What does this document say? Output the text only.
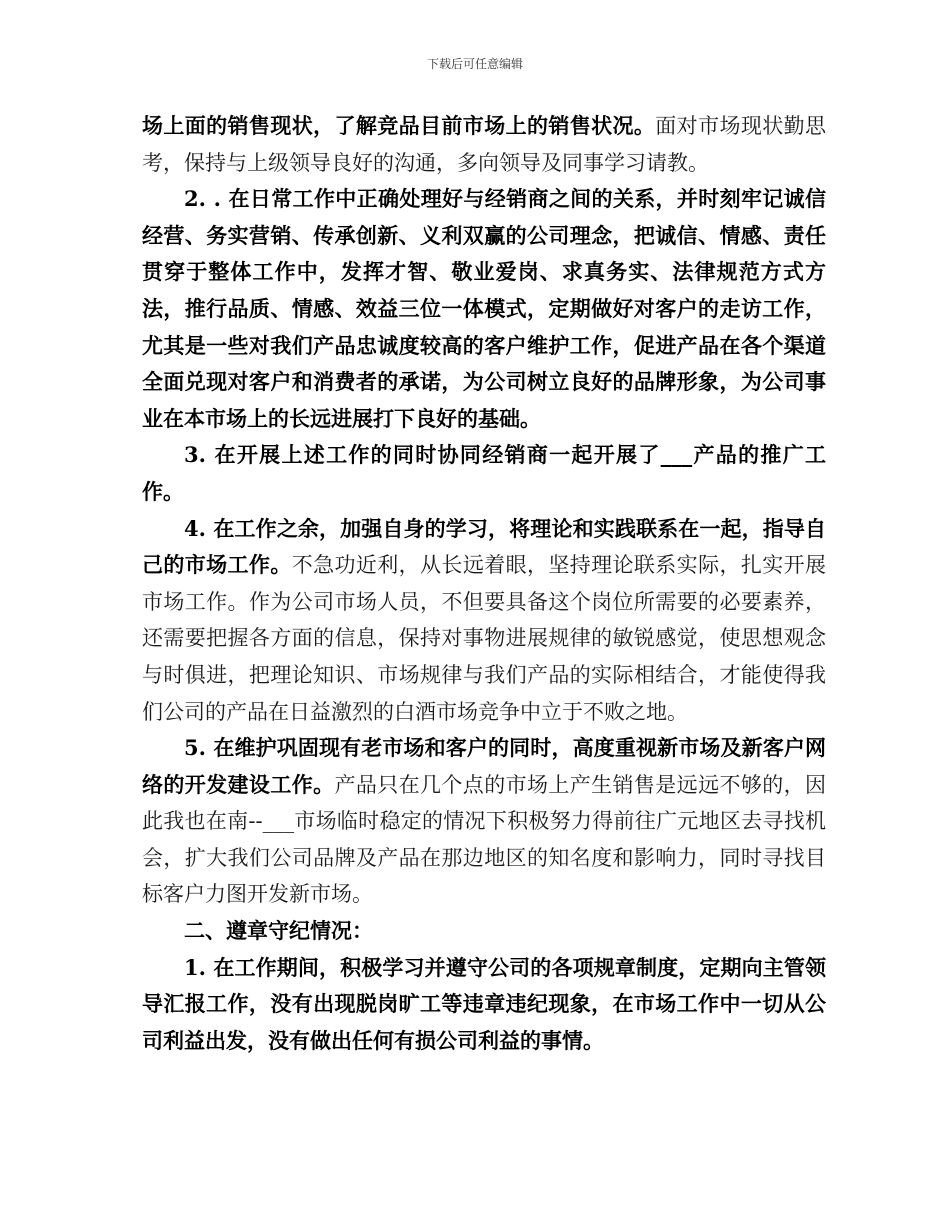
下载后可任意编辑

场上面的销售现状，了解竞品目前市场上的销售状况。面对市场现状勤思考，保持与上级领导良好的沟通，多向领导及同事学习请教。

2. . 在日常工作中正确处理好与经销商之间的关系，并时刻牢记诚信经营、务实营销、传承创新、义利双赢的公司理念，把诚信、情感、责任贯穿于整体工作中，发挥才智、敬业爱岗、求真务实、法律规范方式方法，推行品质、情感、效益三位一体模式，定期做好对客户的走访工作，尤其是一些对我们产品忠诚度较高的客户维护工作，促进产品在各个渠道全面兑现对客户和消费者的承诺，为公司树立良好的品牌形象，为公司事业在本市场上的长远进展打下良好的基础。

3. 在开展上述工作的同时协同经销商一起开展了___产品的推广工作。

4. 在工作之余，加强自身的学习，将理论和实践联系在一起，指导自己的市场工作。不急功近利，从长远着眼，坚持理论联系实际，扎实开展市场工作。作为公司市场人员，不但要具备这个岗位所需要的必要素养，还需要把握各方面的信息，保持对事物进展规律的敏锐感觉，使思想观念与时俱进，把理论知识、市场规律与我们产品的实际相结合，才能使得我们公司的产品在日益激烈的白酒市场竞争中立于不败之地。

5. 在维护巩固现有老市场和客户的同时，高度重视新市场及新客户网络的开发建设工作。产品只在几个点的市场上产生销售是远远不够的，因此我也在南--___市场临时稳定的情况下积极努力得前往广元地区去寻找机会，扩大我们公司品牌及产品在那边地区的知名度和影响力，同时寻找目标客户力图开发新市场。

二、遵章守纪情况：

1. 在工作期间，积极学习并遵守公司的各项规章制度，定期向主管领导汇报工作，没有出现脱岗旷工等违章违纪现象，在市场工作中一切从公司利益出发，没有做出任何有损公司利益的事情。
